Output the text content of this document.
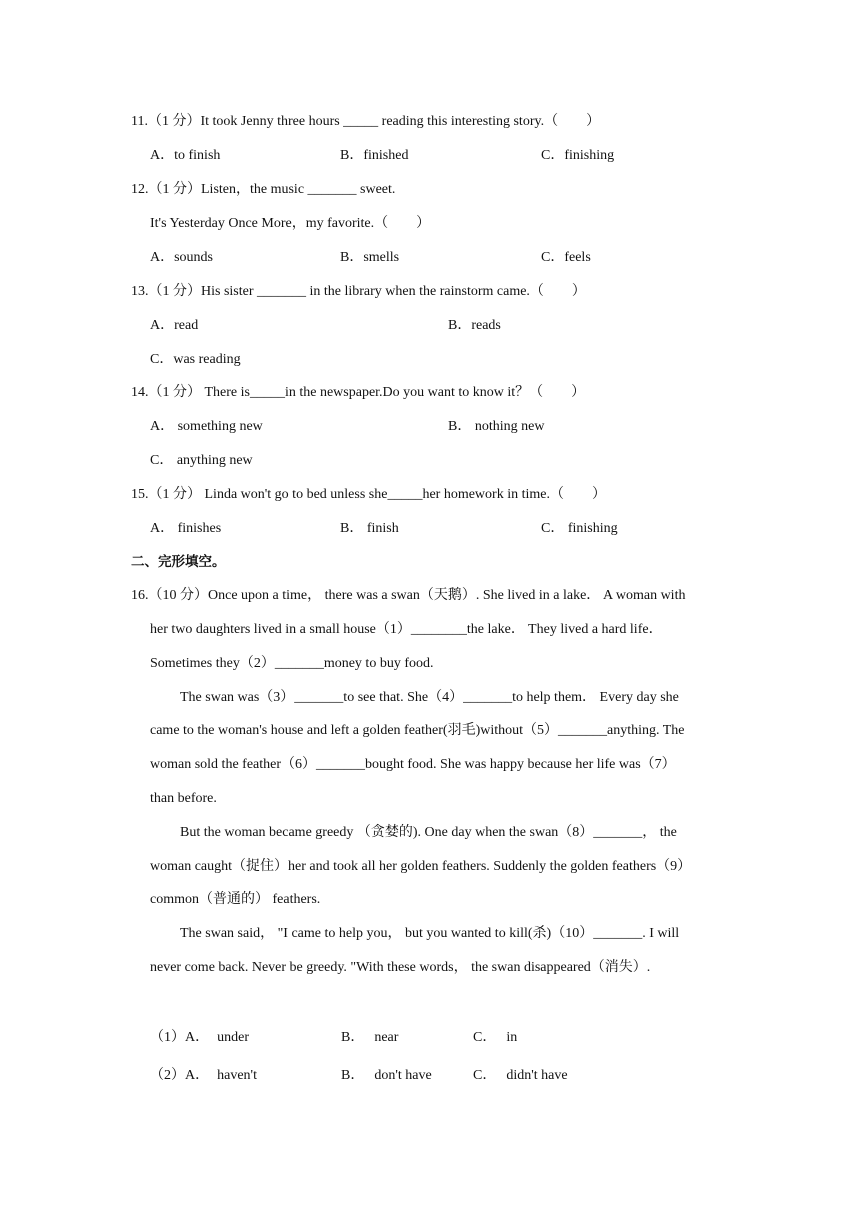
11.（1 分）It took Jenny three hours _____ reading this interesting story.（　　）
A．to finish	B．finished	C．finishing
12.（1 分）Listen，the music _______ sweet.
It's Yesterday Once More，my favorite.（　　）
A．sounds	B．smells	C．feels
13.（1 分）His sister _______ in the library when the rainstorm came.（　　）
A．read	B．reads
C．was reading
14.（1 分） There is_____in the newspaper.Do you want to know it？（　　）
A． something new	B． nothing new
C． anything new
15.（1 分） Linda won't go to bed unless she_____her homework in time.（　　）
A． finishes	B． finish	C． finishing
二、完形填空。
16.（10 分）Once upon a time， there was a swan（天鹅）. She lived in a lake． A woman with
her two daughters lived in a small house（1）________the lake． They lived a hard life．
Sometimes they（2）_______money to buy food.
The swan was（3）_______to see that. She（4）_______to help them． Every day she
came to the woman's house and left a golden feather(羽毛)without（5）_______anything. The
woman sold the feather（6）_______bought food. She was happy because her life was（7）
than before.
But the woman became greedy （贪婪的). One day when the swan（8）_______， the
woman caught（捉住）her and took all her golden feathers. Suddenly the golden feathers（9）
common（普通的） feathers.
The swan said， "I came to help you， but you wanted to kill(杀)（10）_______. I will
never come back. Never be greedy. "With these words， the swan disappeared（消失）.
（1）A． under	B． near	C． in
（2）A． haven't	B． don't have	C． didn't have
